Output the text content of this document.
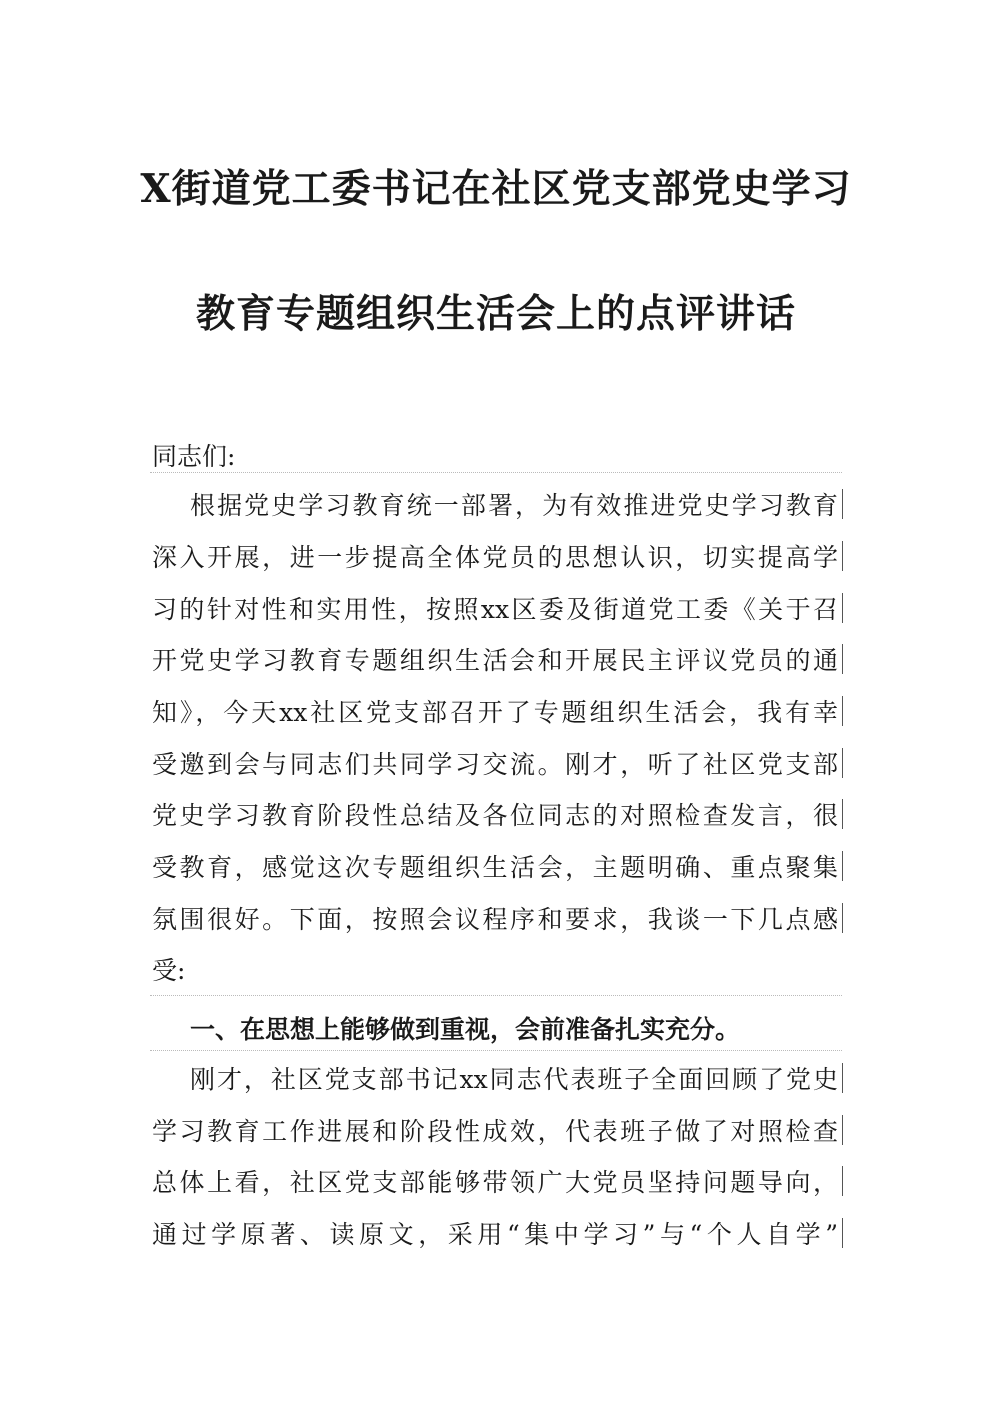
X街道党工委书记在社区党支部党史学习
教育专题组织生活会上的点评讲话
同志们:
根据党史学习教育统一部署，为有效推进党史学习教育
深入开展，进一步提高全体党员的思想认识，切实提高学
习的针对性和实用性，按照xx区委及街道党工委《关于召
开党史学习教育专题组织生活会和开展民主评议党员的通
知》，今天xx社区党支部召开了专题组织生活会，我有幸
受邀到会与同志们共同学习交流。刚才，听了社区党支部
党史学习教育阶段性总结及各位同志的对照检查发言，很
受教育，感觉这次专题组织生活会，主题明确、重点聚集
氛围很好。下面，按照会议程序和要求，我谈一下几点感
受:
一、在思想上能够做到重视，会前准备扎实充分。
刚才，社区党支部书记xx同志代表班子全面回顾了党史
学习教育工作进展和阶段性成效，代表班子做了对照检查
总体上看，社区党支部能够带领广大党员坚持问题导向，
通过学原著、读原文，采用“集中学习”与“个人自学”
